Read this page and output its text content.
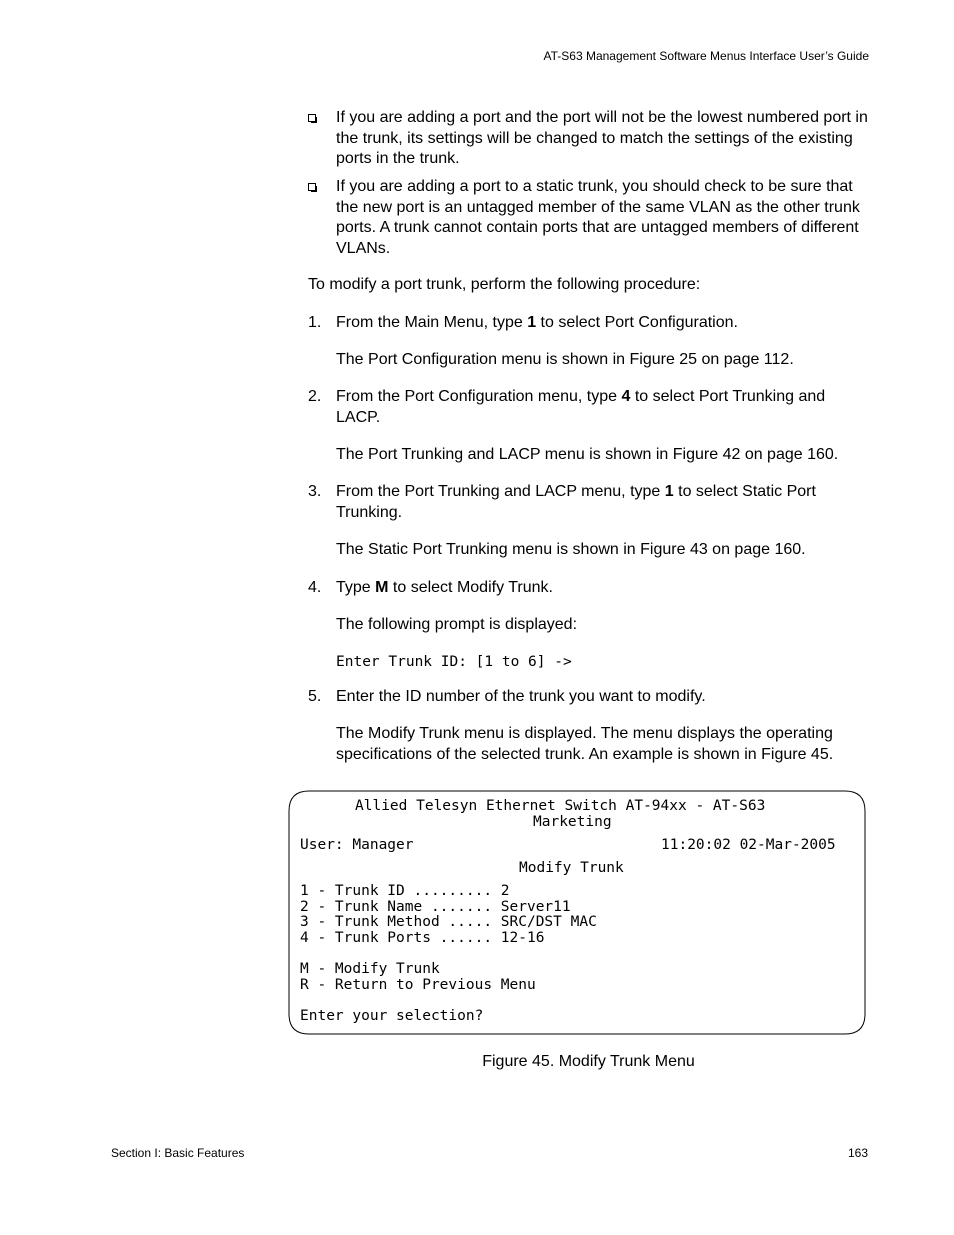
AT-S63 Management Software Menus Interface User’s Guide
If you are adding a port and the port will not be the lowest numbered port in the trunk, its settings will be changed to match the settings of the existing ports in the trunk.
If you are adding a port to a static trunk, you should check to be sure that the new port is an untagged member of the same VLAN as the other trunk ports. A trunk cannot contain ports that are untagged members of different VLANs.
To modify a port trunk, perform the following procedure:
1. From the Main Menu, type 1 to select Port Configuration.
The Port Configuration menu is shown in Figure 25 on page 112.
2. From the Port Configuration menu, type 4 to select Port Trunking and LACP.
The Port Trunking and LACP menu is shown in Figure 42 on page 160.
3. From the Port Trunking and LACP menu, type 1 to select Static Port Trunking.
The Static Port Trunking menu is shown in Figure 43 on page 160.
4. Type M to select Modify Trunk.
The following prompt is displayed:
Enter Trunk ID: [1 to 6] ->
5. Enter the ID number of the trunk you want to modify.
The Modify Trunk menu is displayed. The menu displays the operating specifications of the selected trunk. An example is shown in Figure 45.
Allied Telesyn Ethernet Switch AT-94xx - AT-S63
Marketing
User: Manager	11:20:02 02-Mar-2005
Modify Trunk
1 - Trunk ID ......... 2
2 - Trunk Name ....... Server11
3 - Trunk Method ..... SRC/DST MAC
4 - Trunk Ports ...... 12-16
M - Modify Trunk
R - Return to Previous Menu
Enter your selection?
Figure 45. Modify Trunk Menu
Section I: Basic Features	163
